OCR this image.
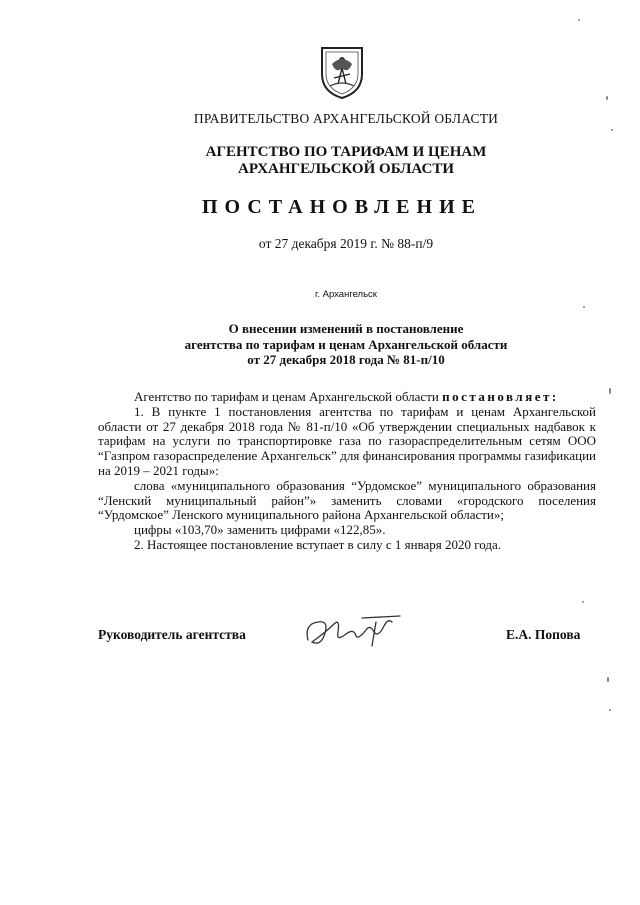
ПРАВИТЕЛЬСТВО АРХАНГЕЛЬСКОЙ ОБЛАСТИ
АГЕНТСТВО ПО ТАРИФАМ И ЦЕНАМ
АРХАНГЕЛЬСКОЙ ОБЛАСТИ
ПОСТАНОВЛЕНИЕ
от 27 декабря 2019 г. № 88-п/9
г. Архангельск
О внесении изменений в постановление
агентства по тарифам и ценам Архангельской области
от 27 декабря 2018 года № 81-п/10

Агентство по тарифам и ценам Архангельской области постановляет:

1. В пункте 1 постановления агентства по тарифам и ценам Архангельской области от 27 декабря 2018 года № 81-п/10 «Об утверждении специальных надбавок к тарифам на услуги по транспортировке газа по газораспределительным сетям ООО “Газпром газораспределение Архангельск” для финансирования программы газификации на 2019 – 2021 годы»:

слова «муниципального образования “Урдомское” муниципального образования “Ленский муниципальный район”» заменить словами «городского поселения “Урдомское” Ленского муниципального района Архангельской области»;

цифры «103,70» заменить цифрами «122,85».

2. Настоящее постановление вступает в силу с 1 января 2020 года.

Руководитель агентства	Е.А. Попова
